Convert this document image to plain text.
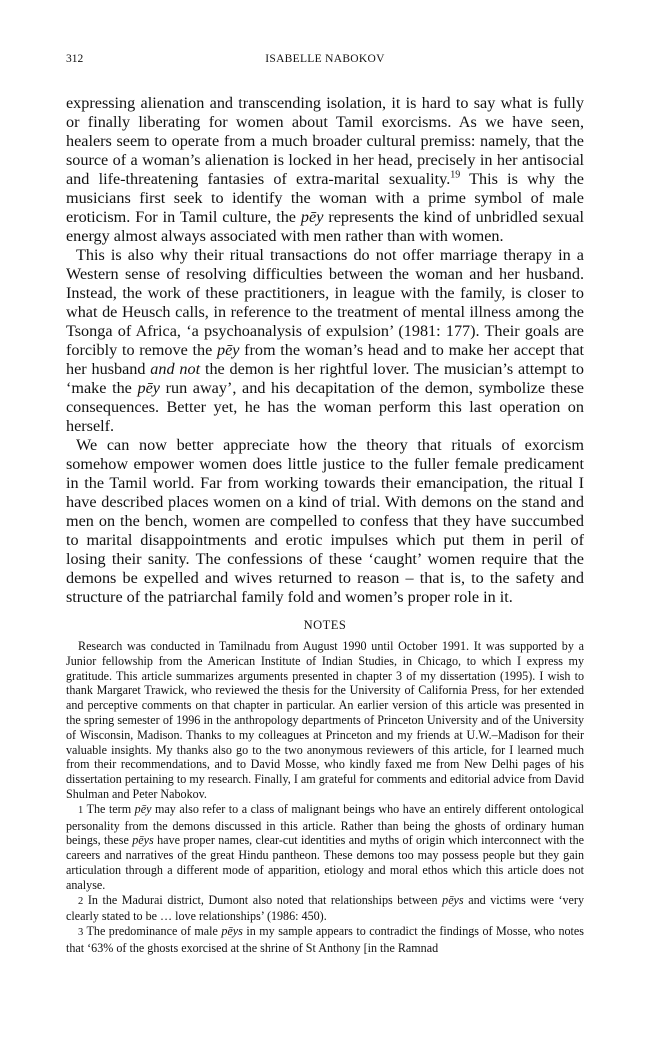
312	ISABELLE NABOKOV

expressing alienation and transcending isolation, it is hard to say what is fully or finally liberating for women about Tamil exorcisms. As we have seen, healers seem to operate from a much broader cultural premiss: namely, that the source of a woman’s alienation is locked in her head, precisely in her antisocial and life-threatening fantasies of extra-marital sexuality.$^{19}$ This is why the musicians first seek to identify the woman with a prime symbol of male eroticism. For in Tamil culture, the pēy represents the kind of unbridled sexual energy almost always associated with men rather than with women.

This is also why their ritual transactions do not offer marriage therapy in a Western sense of resolving difficulties between the woman and her husband. Instead, the work of these practitioners, in league with the family, is closer to what de Heusch calls, in reference to the treatment of mental illness among the Tsonga of Africa, ‘a psychoanalysis of expulsion’ (1981: 177). Their goals are forcibly to remove the pēy from the woman’s head and to make her accept that her husband and not the demon is her rightful lover. The musician’s attempt to ‘make the pēy run away’, and his decapitation of the demon, symbolize these consequences. Better yet, he has the woman perform this last operation on herself.

We can now better appreciate how the theory that rituals of exorcism somehow empower women does little justice to the fuller female predicament in the Tamil world. Far from working towards their emancipation, the ritual I have described places women on a kind of trial. With demons on the stand and men on the bench, women are compelled to confess that they have succumbed to marital disappointments and erotic impulses which put them in peril of losing their sanity. The confessions of these ‘caught’ women require that the demons be expelled and wives returned to reason – that is, to the safety and structure of the patriarchal family fold and women’s proper role in it.

NOTES

Research was conducted in Tamilnadu from August 1990 until October 1991. It was supported by a Junior fellowship from the American Institute of Indian Studies, in Chicago, to which I express my gratitude. This article summarizes arguments presented in chapter 3 of my dissertation (1995). I wish to thank Margaret Trawick, who reviewed the thesis for the University of California Press, for her extended and perceptive comments on that chapter in particular. An earlier version of this article was presented in the spring semester of 1996 in the anthropology departments of Princeton University and of the University of Wisconsin, Madison. Thanks to my colleagues at Princeton and my friends at U.W.–Madison for their valuable insights. My thanks also go to the two anonymous reviewers of this article, for I learned much from their recommendations, and to David Mosse, who kindly faxed me from New Delhi pages of his dissertation pertaining to my research. Finally, I am grateful for comments and editorial advice from David Shulman and Peter Nabokov.

1 The term pēy may also refer to a class of malignant beings who have an entirely different ontological personality from the demons discussed in this article. Rather than being the ghosts of ordinary human beings, these pēys have proper names, clear-cut identities and myths of origin which interconnect with the careers and narratives of the great Hindu pantheon. These demons too may possess people but they gain articulation through a different mode of apparition, etiology and moral ethos which this article does not analyse.

2 In the Madurai district, Dumont also noted that relationships between pēys and victims were ‘very clearly stated to be … love relationships’ (1986: 450).

3 The predominance of male pēys in my sample appears to contradict the findings of Mosse, who notes that ‘63% of the ghosts exorcised at the shrine of St Anthony [in the Ramnad
